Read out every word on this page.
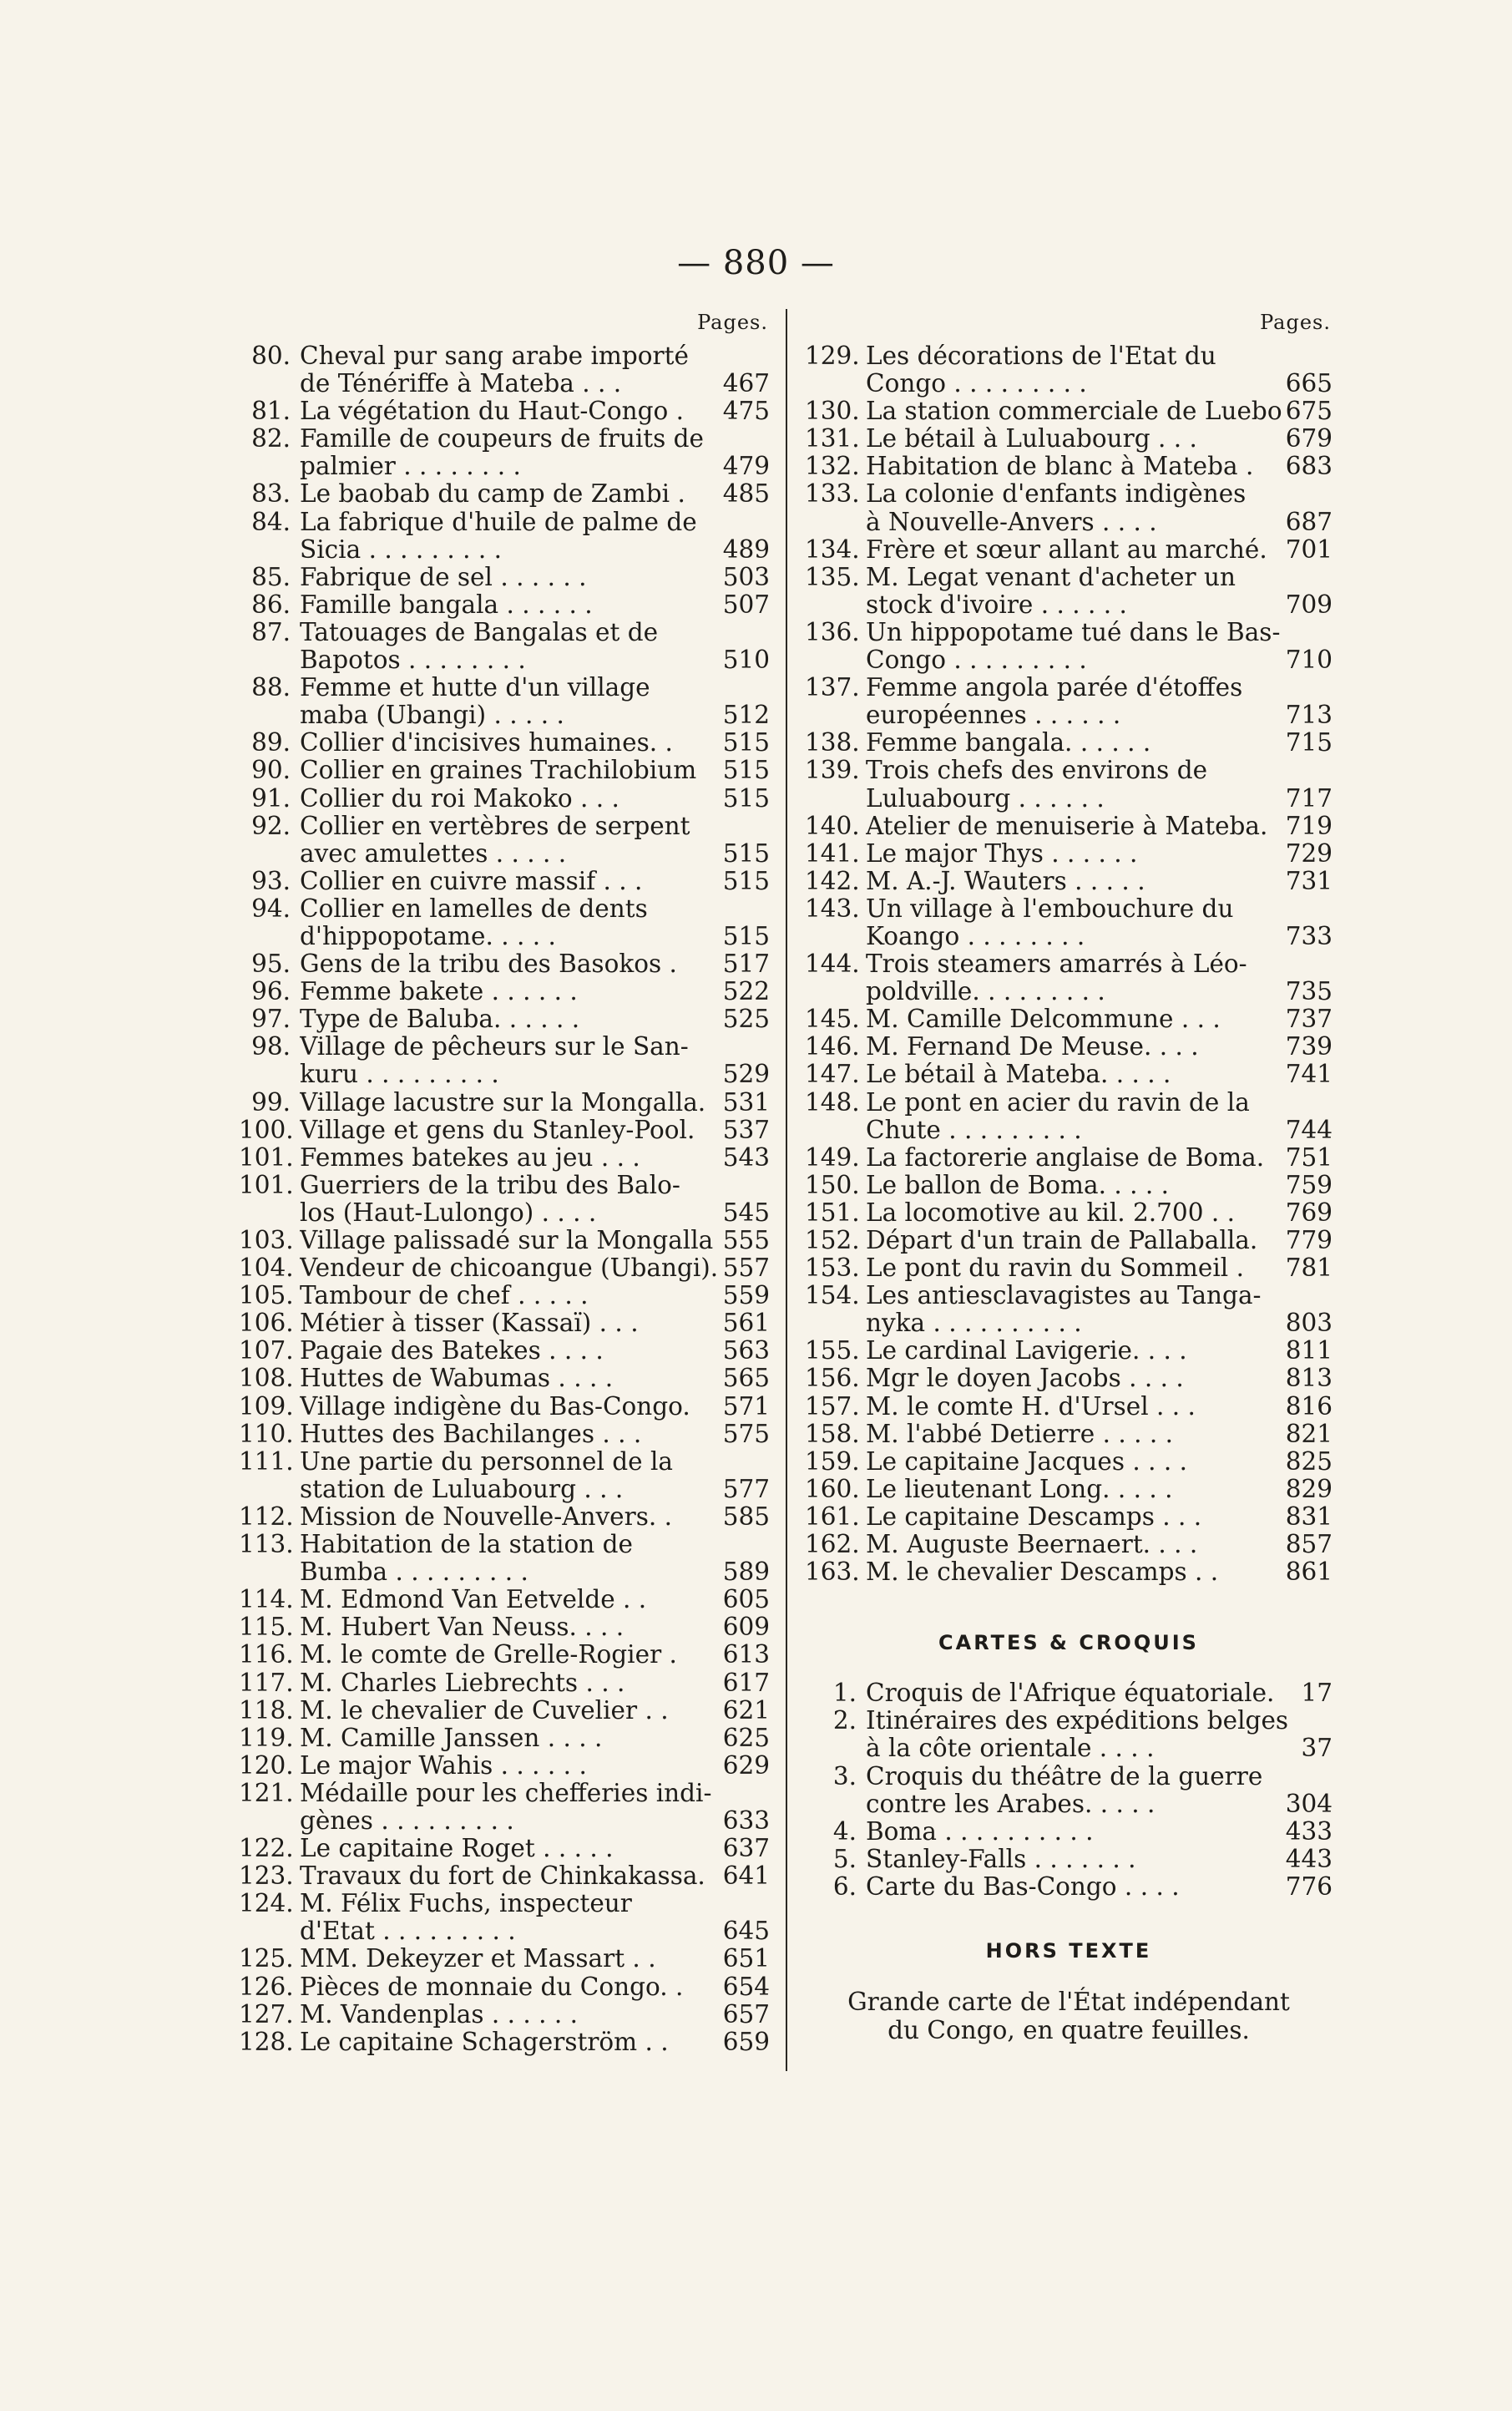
— 880 —
Pages.
80. Cheval pur sang arabe importé
de Ténériffe à Mateba . . .	467
81. La végétation du Haut-Congo .	475
82. Famille de coupeurs de fruits de
palmier . . . . . . . .	479
83. Le baobab du camp de Zambi .	485
84. La fabrique d'huile de palme de
Sicia . . . . . . . . .	489
85. Fabrique de sel . . . . . .	503
86. Famille bangala . . . . . .	507
87. Tatouages de Bangalas et de
Bapotos . . . . . . . .	510
88. Femme et hutte d'un village
maba (Ubangi) . . . . .	512
89. Collier d'incisives humaines. .	515
90. Collier en graines Trachilobium	515
91. Collier du roi Makoko . . .	515
92. Collier en vertèbres de serpent
avec amulettes . . . . .	515
93. Collier en cuivre massif . . .	515
94. Collier en lamelles de dents
d'hippopotame. . . . .	515
95. Gens de la tribu des Basokos .	517
96. Femme bakete . . . . . .	522
97. Type de Baluba. . . . . .	525
98. Village de pêcheurs sur le San-
kuru . . . . . . . . .	529
99. Village lacustre sur la Mongalla. 531
100. Village et gens du Stanley-Pool.	537
101. Femmes batekes au jeu . . .	543
101. Guerriers de la tribu des Balo-
los (Haut-Lulongo) . . . .	545
103. Village palissadé sur la Mongalla 555
104. Vendeur de chicoangue (Ubangi). 557
105. Tambour de chef . . . . .	559
106. Métier à tisser (Kassaï) . . .	561
107. Pagaie des Batekes . . . .	563
108. Huttes de Wabumas . . . .	565
109. Village indigène du Bas-Congo.	571
110. Huttes des Bachilanges . . .	575
111. Une partie du personnel de la
station de Luluabourg . . .	577
112. Mission de Nouvelle-Anvers. .	585
113. Habitation de la station de
Bumba . . . . . . . . .	589
114. M. Edmond Van Eetvelde . .	605
115. M. Hubert Van Neuss. . . .	609
116. M. le comte de Grelle-Rogier .	613
117. M. Charles Liebrechts . . .	617
118. M. le chevalier de Cuvelier . .	621
119. M. Camille Janssen . . . .	625
120. Le major Wahis . . . . . .	629
121. Médaille pour les chefferies indi-
gènes . . . . . . . . .	633
122. Le capitaine Roget . . . . .	637
123. Travaux du fort de Chinkakassa. 641
124. M. Félix Fuchs, inspecteur
d'Etat . . . . . . . . .	645
125. MM. Dekeyzer et Massart . .	651
126. Pièces de monnaie du Congo. .	654
127. M. Vandenplas . . . . . .	657
128. Le capitaine Schagerström . .	659
Pages.
129. Les décorations de l'Etat du
Congo . . . . . . . . .	665
130. La station commerciale de Luebo 675
131. Le bétail à Luluabourg . . .	679
132. Habitation de blanc à Mateba .	683
133. La colonie d'enfants indigènes
à Nouvelle-Anvers . . . .	687
134. Frère et sœur allant au marché. 701
135. M. Legat venant d'acheter un
stock d'ivoire . . . . . .	709
136. Un hippopotame tué dans le Bas-
Congo . . . . . . . . .	710
137. Femme angola parée d'étoffes
européennes . . . . . .	713
138. Femme bangala. . . . . .	715
139. Trois chefs des environs de
Luluabourg . . . . . .	717
140. Atelier de menuiserie à Mateba. 719
141. Le major Thys . . . . . .	729
142. M. A.-J. Wauters . . . . .	731
143. Un village à l'embouchure du
Koango . . . . . . . .	733
144. Trois steamers amarrés à Léo-
poldville. . . . . . . . .	735
145. M. Camille Delcommune . . .	737
146. M. Fernand De Meuse. . . .	739
147. Le bétail à Mateba. . . . .	741
148. Le pont en acier du ravin de la
Chute . . . . . . . . .	744
149. La factorerie anglaise de Boma. 751
150. Le ballon de Boma. . . . .	759
151. La locomotive au kil. 2.700 . .	769
152. Départ d'un train de Pallaballa.	779
153. Le pont du ravin du Sommeil .	781
154. Les antiesclavagistes au Tanga-
nyka . . . . . . . . . .	803
155. Le cardinal Lavigerie. . . .	811
156. Mgr le doyen Jacobs . . . .	813
157. M. le comte H. d'Ursel . . .	816
158. M. l'abbé Detierre . . . . .	821
159. Le capitaine Jacques . . . .	825
160. Le lieutenant Long. . . . .	829
161. Le capitaine Descamps . . .	831
162. M. Auguste Beernaert. . . .	857
163. M. le chevalier Descamps . .	861
CARTES & CROQUIS
1. Croquis de l'Afrique équatoriale.	17
2. Itinéraires des expéditions belges
à la côte orientale . . . .	37
3. Croquis du théâtre de la guerre
contre les Arabes. . . . .	304
4. Boma . . . . . . . . . .	433
5. Stanley-Falls . . . . . . .	443
6. Carte du Bas-Congo . . . .	776
HORS TEXTE
Grande carte de l'État indépendant
du Congo, en quatre feuilles.
